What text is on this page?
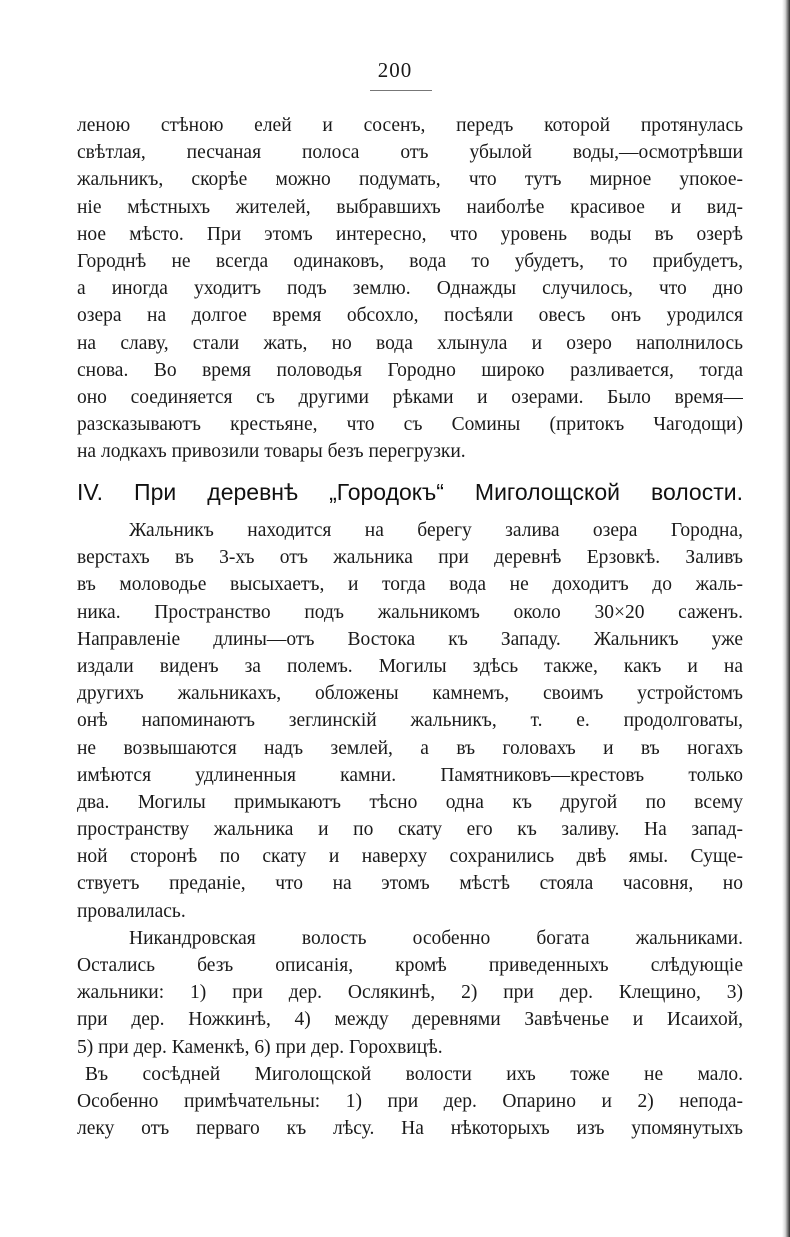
200
леною стѣною елей и сосенъ, передъ которой протянулась
свѣтлая, песчаная полоса отъ убылой воды,—осмотрѣвши
жальникъ, скорѣе можно подумать, что тутъ мирное упокое-
ніе мѣстныхъ жителей, выбравшихъ наиболѣе красивое и вид-
ное мѣсто. При этомъ интересно, что уровень воды въ озерѣ
Городнѣ не всегда одинаковъ, вода то убудетъ, то прибудетъ,
а иногда уходитъ подъ землю. Однажды случилось, что дно
озера на долгое время обсохло, посѣяли овесъ онъ уродился
на славу, стали жать, но вода хлынула и озеро наполнилось
снова. Во время половодья Городно широко разливается, тогда
оно соединяется съ другими рѣками и озерами. Было время—
разсказываютъ крестьяне, что съ Сомины (притокъ Чагодощи)
на лодкахъ привозили товары безъ перегрузки.
IV. При деревнѣ „Городокъ“ Миголощской волости.
Жальникъ находится на берегу залива озера Городна,
верстахъ въ 3-хъ отъ жальника при деревнѣ Ерзовкѣ. Заливъ
въ моловодье высыхаетъ, и тогда вода не доходитъ до жаль-
ника. Пространство подъ жальникомъ около 30×20 саженъ.
Направленіе длины—отъ Востока къ Западу. Жальникъ уже
издали виденъ за полемъ. Могилы здѣсь также, какъ и на
другихъ жальникахъ, обложены камнемъ, своимъ устройстомъ
онѣ напоминаютъ зеглинскій жальникъ, т. е. продолговаты,
не возвышаются надъ землей, а въ головахъ и въ ногахъ
имѣются удлиненныя камни. Памятниковъ—крестовъ только
два. Могилы примыкаютъ тѣсно одна къ другой по всему
пространству жальника и по скату его къ заливу. На запад-
ной сторонѣ по скату и наверху сохранились двѣ ямы. Суще-
ствуетъ преданіе, что на этомъ мѣстѣ стояла часовня, но
провалилась.
Никандровская волость особенно богата жальниками.
Остались безъ описанія, кромѣ приведенныхъ слѣдующіе
жальники: 1) при дер. Ослякинѣ, 2) при дер. Клещино, 3)
при дер. Ножкинѣ, 4) между деревнями Завѣченье и Исаихой,
5) при дер. Каменкѣ, 6) при дер. Горохвицѣ.
Въ сосѣдней Миголощской волости ихъ тоже не мало.
Особенно примѣчательны: 1) при дер. Опарино и 2) непода-
леку отъ перваго къ лѣсу. На нѣкоторыхъ изъ упомянутыхъ
